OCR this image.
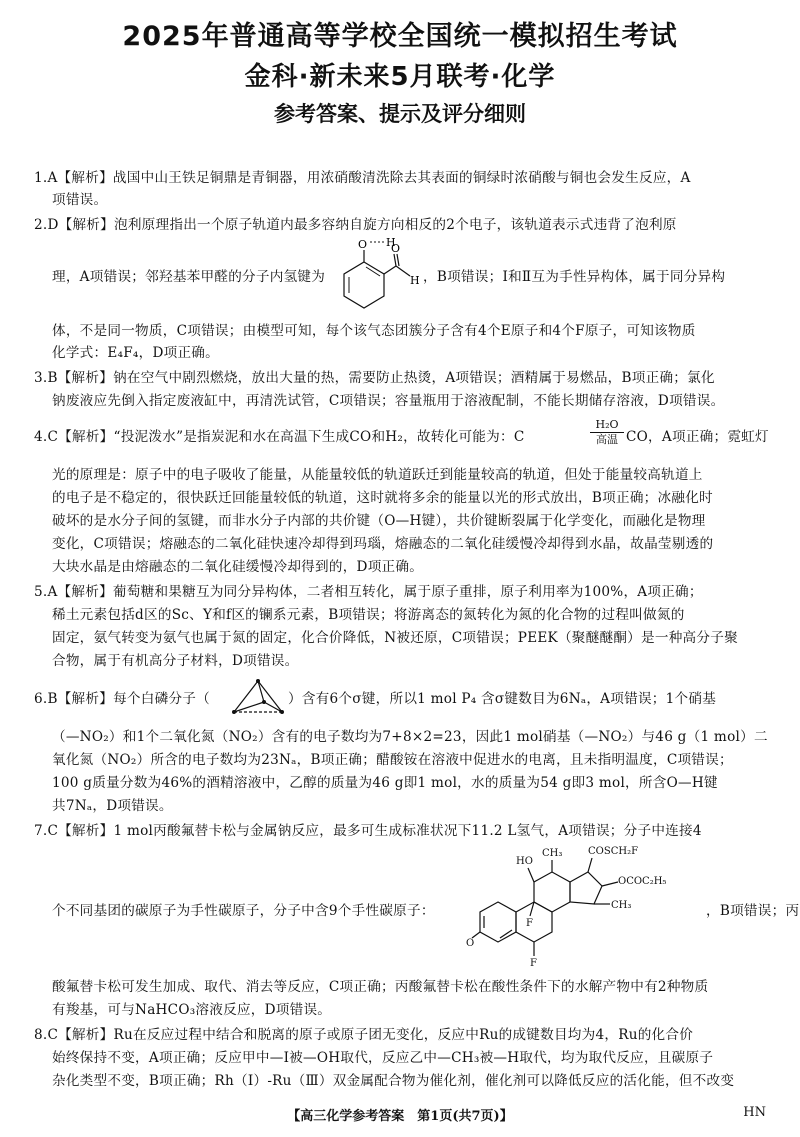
2025年普通高等学校全国统一模拟招生考试
金科·新未来5月联考·化学
参考答案、提示及评分细则
1.A【解析】战国中山王铁足铜鼎是青铜器，用浓硝酸清洗除去其表面的铜绿时浓硝酸与铜也会发生反应，A
项错误。
2.D【解析】泡利原理指出一个原子轨道内最多容纳自旋方向相反的2个电子，该轨道表示式违背了泡利原
理，A项错误；邻羟基苯甲醛的分子内氢键为	，B项错误；Ⅰ和Ⅱ互为手性异构体，属于同分异构
O H
O
H
体，不是同一物质，C项错误；由模型可知，每个该气态团簇分子含有4个E原子和4个F原子，可知该物质
化学式：E₄F₄，D项正确。
3.B【解析】钠在空气中剧烈燃烧，放出大量的热，需要防止热烫，A项错误；酒精属于易燃品，B项正确；氯化
钠废液应先倒入指定废液缸中，再清洗试管，C项错误；容量瓶用于溶液配制，不能长期储存溶液，D项错误。
4.C【解析】“投泥泼水”是指炭泥和水在高温下生成CO和H₂，故转化可能为：C
H₂O
高温 CO，A项正确；霓虹灯
光的原理是：原子中的电子吸收了能量，从能量较低的轨道跃迁到能量较高的轨道，但处于能量较高轨道上
的电子是不稳定的，很快跃迁回能量较低的轨道，这时就将多余的能量以光的形式放出，B项正确；冰融化时
破坏的是水分子间的氢键，而非水分子内部的共价键（O—H键），共价键断裂属于化学变化，而融化是物理
变化，C项错误；熔融态的二氧化硅快速冷却得到玛瑙，熔融态的二氧化硅缓慢冷却得到水晶，故晶莹剔透的
大块水晶是由熔融态的二氧化硅缓慢冷却得到的，D项正确。
5.A【解析】葡萄糖和果糖互为同分异构体，二者相互转化，属于原子重排，原子利用率为100%，A项正确；
稀土元素包括d区的Sc、Y和f区的镧系元素，B项错误；将游离态的氮转化为氮的化合物的过程叫做氮的
固定，氨气转变为氨气也属于氮的固定，化合价降低，N被还原，C项错误；PEEK（聚醚醚酮）是一种高分子聚
合物，属于有机高分子材料，D项错误。
6.B【解析】每个白磷分子（	）含有6个σ键，所以1 mol P₄ 含σ键数目为6Nₐ，A项错误；1个硝基
（—NO₂）和1个二氧化氮（NO₂）含有的电子数均为7+8×2=23，因此1 mol硝基（—NO₂）与46 g（1 mol）二
氧化氮（NO₂）所含的电子数均为23Nₐ，B项正确；醋酸铵在溶液中促进水的电离，且未指明温度，C项错误；
100 g质量分数为46%的酒精溶液中，乙醇的质量为46 g即1 mol，水的质量为54 g即3 mol，所含O—H键
共7Nₐ，D项错误。
7.C【解析】1 mol丙酸氟替卡松与金属钠反应，最多可生成标准状况下11.2 L氢气，A项错误；分子中连接4
个不同基团的碳原子为手性碳原子，分子中含9个手性碳原子：
HO
CH₃	COSCH₂F
OCOC₂H₅
CH₃
F
O
F
，B项错误；丙
酸氟替卡松可发生加成、取代、消去等反应，C项正确；丙酸氟替卡松在酸性条件下的水解产物中有2种物质
有羧基，可与NaHCO₃溶液反应，D项错误。
8.C【解析】Ru在反应过程中结合和脱离的原子或原子团无变化，反应中Ru的成键数目均为4，Ru的化合价
始终保持不变，A项正确；反应甲中—I被—OH取代，反应乙中—CH₃被—H取代，均为取代反应，且碳原子
杂化类型不变，B项正确；Rh（Ⅰ）-Ru（Ⅲ）双金属配合物为催化剂，催化剂可以降低反应的活化能，但不改变
【高三化学参考答案　第1页(共7页)】	HN
